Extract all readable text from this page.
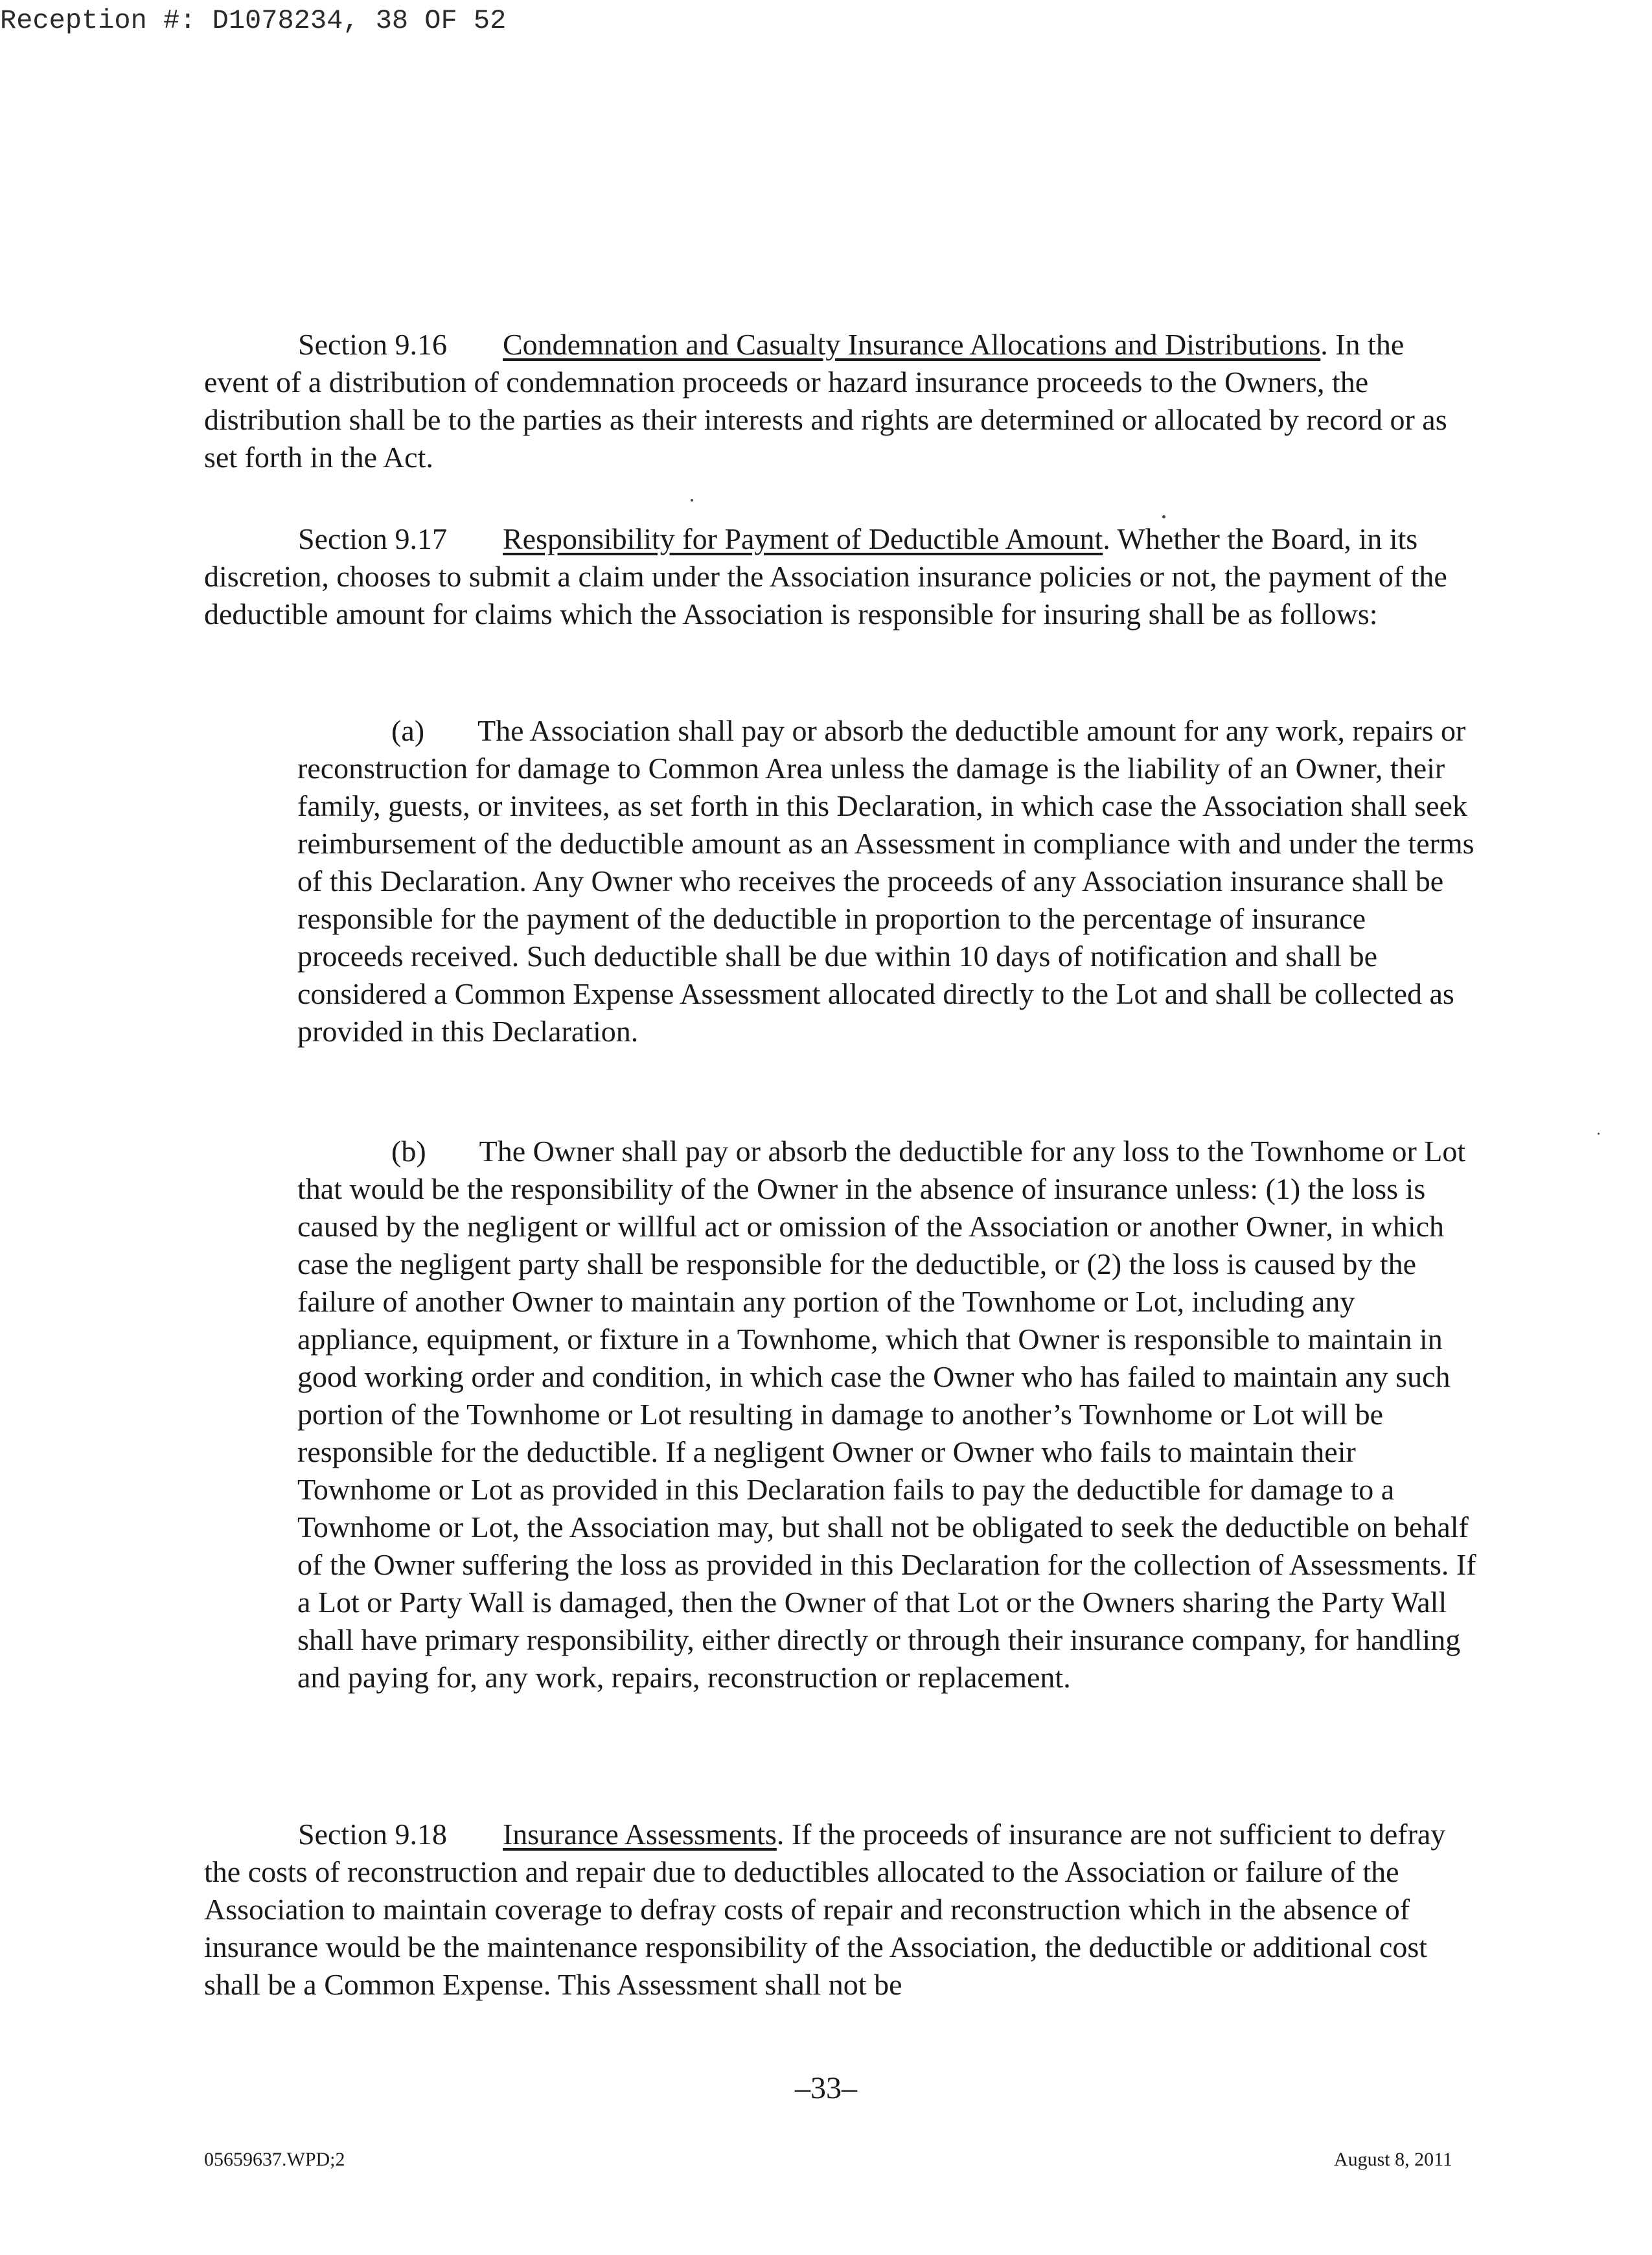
Reception #: D1078234, 38 OF 52

Section 9.16 Condemnation and Casualty Insurance Allocations and Distributions. In the event of a distribution of condemnation proceeds or hazard insurance proceeds to the Owners, the distribution shall be to the parties as their interests and rights are determined or allocated by record or as set forth in the Act.

Section 9.17 Responsibility for Payment of Deductible Amount. Whether the Board, in its discretion, chooses to submit a claim under the Association insurance policies or not, the payment of the deductible amount for claims which the Association is responsible for insuring shall be as follows:

(a) The Association shall pay or absorb the deductible amount for any work, repairs or reconstruction for damage to Common Area unless the damage is the liability of an Owner, their family, guests, or invitees, as set forth in this Declaration, in which case the Association shall seek reimbursement of the deductible amount as an Assessment in compliance with and under the terms of this Declaration. Any Owner who receives the proceeds of any Association insurance shall be responsible for the payment of the deductible in proportion to the percentage of insurance proceeds received. Such deductible shall be due within 10 days of notification and shall be considered a Common Expense Assessment allocated directly to the Lot and shall be collected as provided in this Declaration.

(b) The Owner shall pay or absorb the deductible for any loss to the Townhome or Lot that would be the responsibility of the Owner in the absence of insurance unless: (1) the loss is caused by the negligent or willful act or omission of the Association or another Owner, in which case the negligent party shall be responsible for the deductible, or (2) the loss is caused by the failure of another Owner to maintain any portion of the Townhome or Lot, including any appliance, equipment, or fixture in a Townhome, which that Owner is responsible to maintain in good working order and condition, in which case the Owner who has failed to maintain any such portion of the Townhome or Lot resulting in damage to another’s Townhome or Lot will be responsible for the deductible. If a negligent Owner or Owner who fails to maintain their Townhome or Lot as provided in this Declaration fails to pay the deductible for damage to a Townhome or Lot, the Association may, but shall not be obligated to seek the deductible on behalf of the Owner suffering the loss as provided in this Declaration for the collection of Assessments. If a Lot or Party Wall is damaged, then the Owner of that Lot or the Owners sharing the Party Wall shall have primary responsibility, either directly or through their insurance company, for handling and paying for, any work, repairs, reconstruction or replacement.

Section 9.18 Insurance Assessments. If the proceeds of insurance are not sufficient to defray the costs of reconstruction and repair due to deductibles allocated to the Association or failure of the Association to maintain coverage to defray costs of repair and reconstruction which in the absence of insurance would be the maintenance responsibility of the Association, the deductible or additional cost shall be a Common Expense. This Assessment shall not be

–33–
05659637.WPD;2	August 8, 2011
